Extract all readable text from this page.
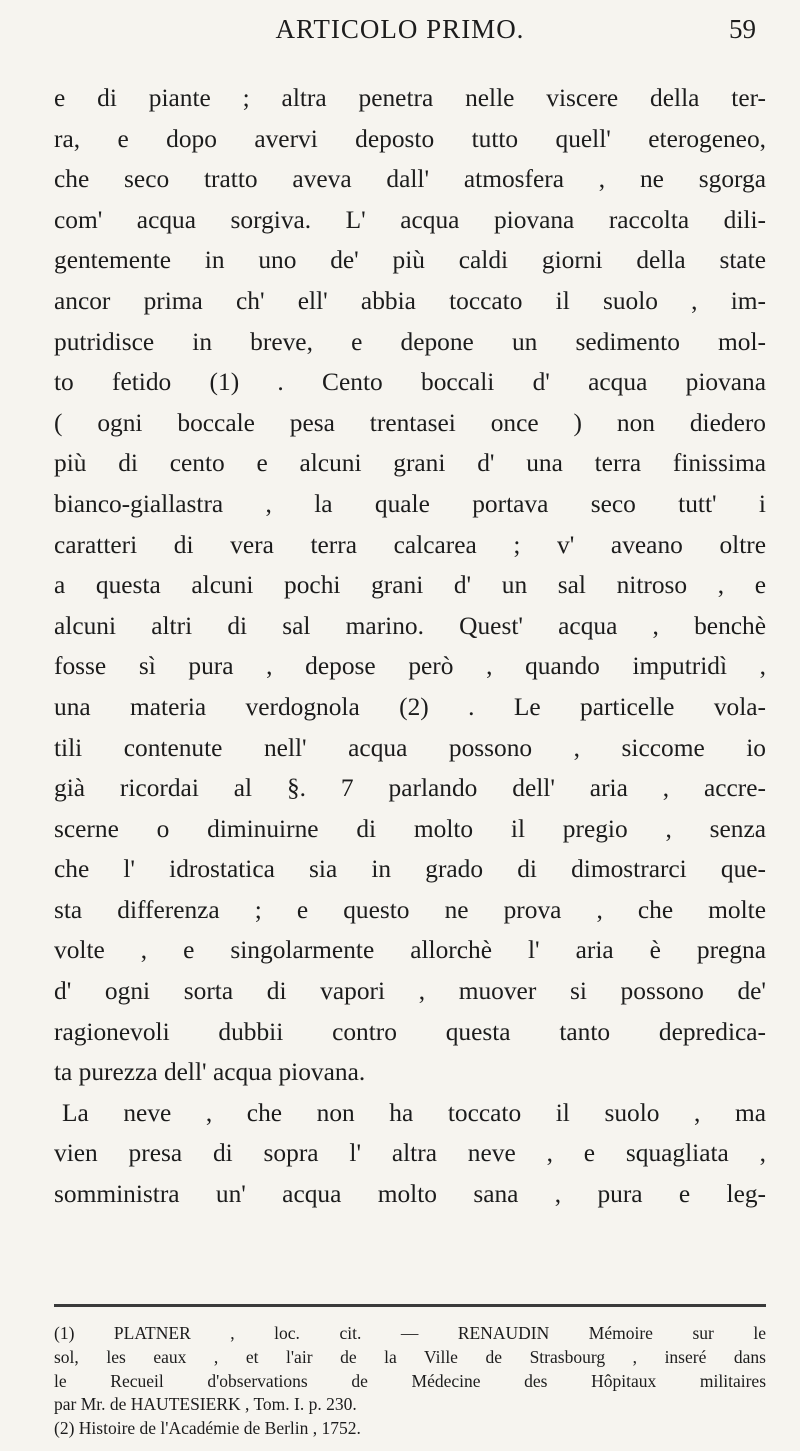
ARTICOLO PRIMO.	59
e di piante ; altra penetra nelle viscere della ter-
ra, e dopo avervi deposto tutto quell' eterogeneo,
che seco tratto aveva dall' atmosfera , ne sgorga
com' acqua sorgiva. L' acqua piovana raccolta dili-
gentemente in uno de' più caldi giorni della state
ancor prima ch' ell' abbia toccato il suolo , im-
putridisce in breve, e depone un sedimento mol-
to fetido (1) . Cento boccali d' acqua piovana
( ogni boccale pesa trentasei once ) non diedero
più di cento e alcuni grani d' una terra finissima
bianco-giallastra , la quale portava seco tutt' i
caratteri di vera terra calcarea ; v' aveano oltre
a questa alcuni pochi grani d' un sal nitroso , e
alcuni altri di sal marino. Quest' acqua , benchè
fosse sì pura , depose però , quando imputridì ,
una materia verdognola (2) . Le particelle vola-
tili contenute nell' acqua possono , siccome io
già ricordai al §. 7 parlando dell' aria , accre-
scerne o diminuirne di molto il pregio , senza
che l' idrostatica sia in grado di dimostrarci que-
sta differenza ; e questo ne prova , che molte
volte , e singolarmente allorchè l' aria è pregna
d' ogni sorta di vapori , muover si possono de'
ragionevoli dubbii contro questa tanto depredica-
ta purezza dell' acqua piovana.
La neve , che non ha toccato il suolo , ma
vien presa di sopra l' altra neve , e squagliata ,
somministra un' acqua molto sana , pura e leg-
(1) PLATNER , loc. cit. — RENAUDIN Mémoire sur le
sol, les eaux , et l'air de la Ville de Strasbourg , inseré dans
le Recueil d'observations de Médecine des Hôpitaux militaires
par Mr. de HAUTESIERK , Tom. I. p. 230.
(2) Histoire de l'Académie de Berlin , 1752.
